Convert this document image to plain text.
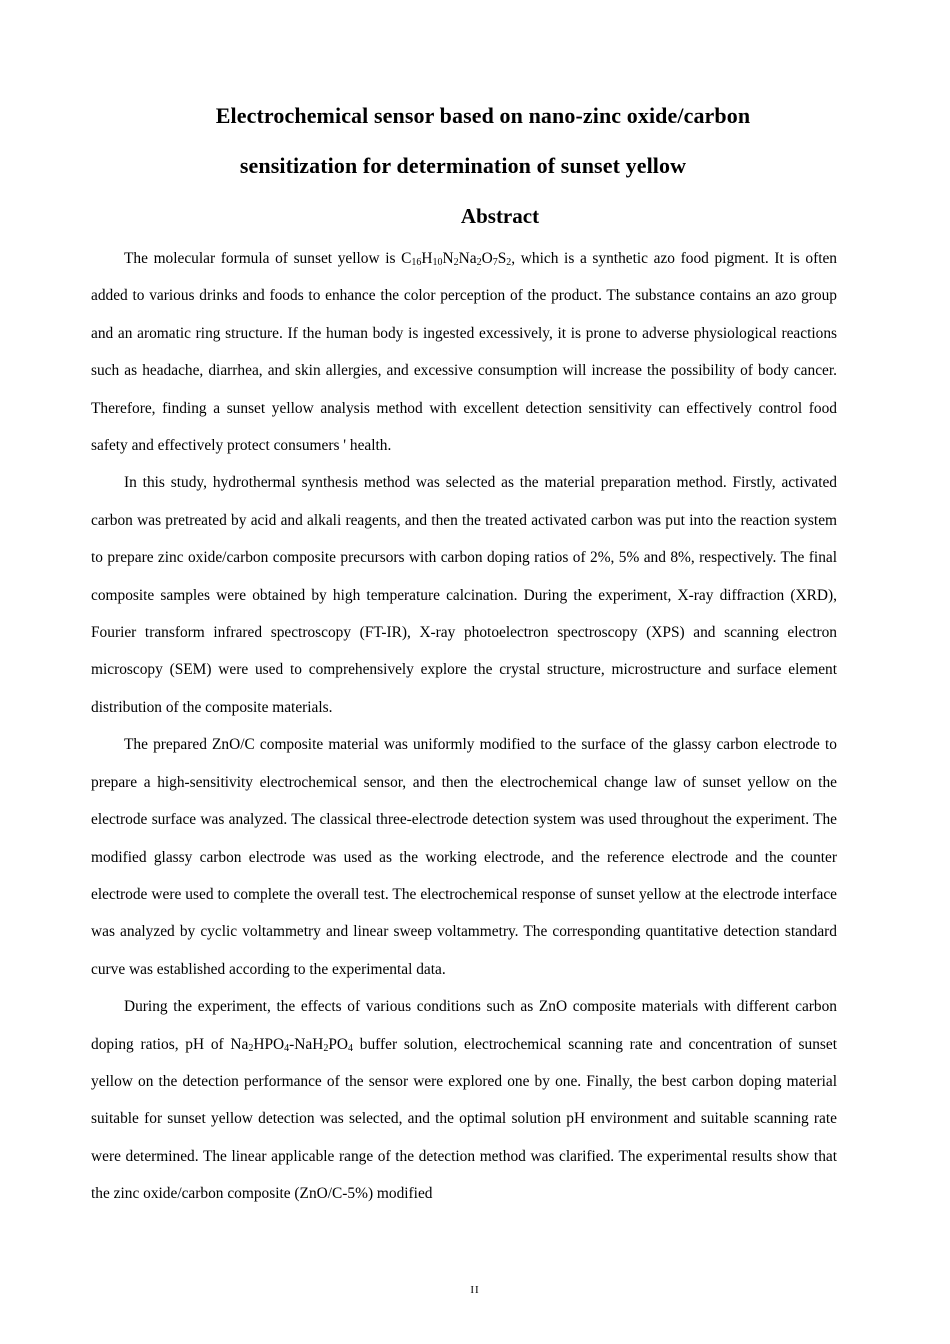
Electrochemical sensor based on nano-zinc oxide/carbon
sensitization for determination of sunset yellow
Abstract

The molecular formula of sunset yellow is $C_{16}H_{10}N_2Na_2O_7S_2$, which is a synthetic azo food pigment. It is often added to various drinks and foods to enhance the color perception of the product. The substance contains an azo group and an aromatic ring structure. If the human body is ingested excessively, it is prone to adverse physiological reactions such as headache, diarrhea, and skin allergies, and excessive consumption will increase the possibility of body cancer. Therefore, finding a sunset yellow analysis method with excellent detection sensitivity can effectively control food safety and effectively protect consumers ' health.

In this study, hydrothermal synthesis method was selected as the material preparation method. Firstly, activated carbon was pretreated by acid and alkali reagents, and then the treated activated carbon was put into the reaction system to prepare zinc oxide/carbon composite precursors with carbon doping ratios of 2%, 5% and 8%, respectively. The final composite samples were obtained by high temperature calcination. During the experiment, X-ray diffraction (XRD), Fourier transform infrared spectroscopy (FT-IR), X-ray photoelectron spectroscopy (XPS) and scanning electron microscopy (SEM) were used to comprehensively explore the crystal structure, microstructure and surface element distribution of the composite materials.

The prepared ZnO/C composite material was uniformly modified to the surface of the glassy carbon electrode to prepare a high-sensitivity electrochemical sensor, and then the electrochemical change law of sunset yellow on the electrode surface was analyzed. The classical three-electrode detection system was used throughout the experiment. The modified glassy carbon electrode was used as the working electrode, and the reference electrode and the counter electrode were used to complete the overall test. The electrochemical response of sunset yellow at the electrode interface was analyzed by cyclic voltammetry and linear sweep voltammetry. The corresponding quantitative detection standard curve was established according to the experimental data.

During the experiment, the effects of various conditions such as ZnO composite materials with different carbon doping ratios, pH of $Na_2HPO_4-NaH_2PO_4$ buffer solution, electrochemical scanning rate and concentration of sunset yellow on the detection performance of the sensor were explored one by one. Finally, the best carbon doping material suitable for sunset yellow detection was selected, and the optimal solution pH environment and suitable scanning rate were determined. The linear applicable range of the detection method was clarified. The experimental results show that the zinc oxide/carbon composite (ZnO/C-5%) modified

II
